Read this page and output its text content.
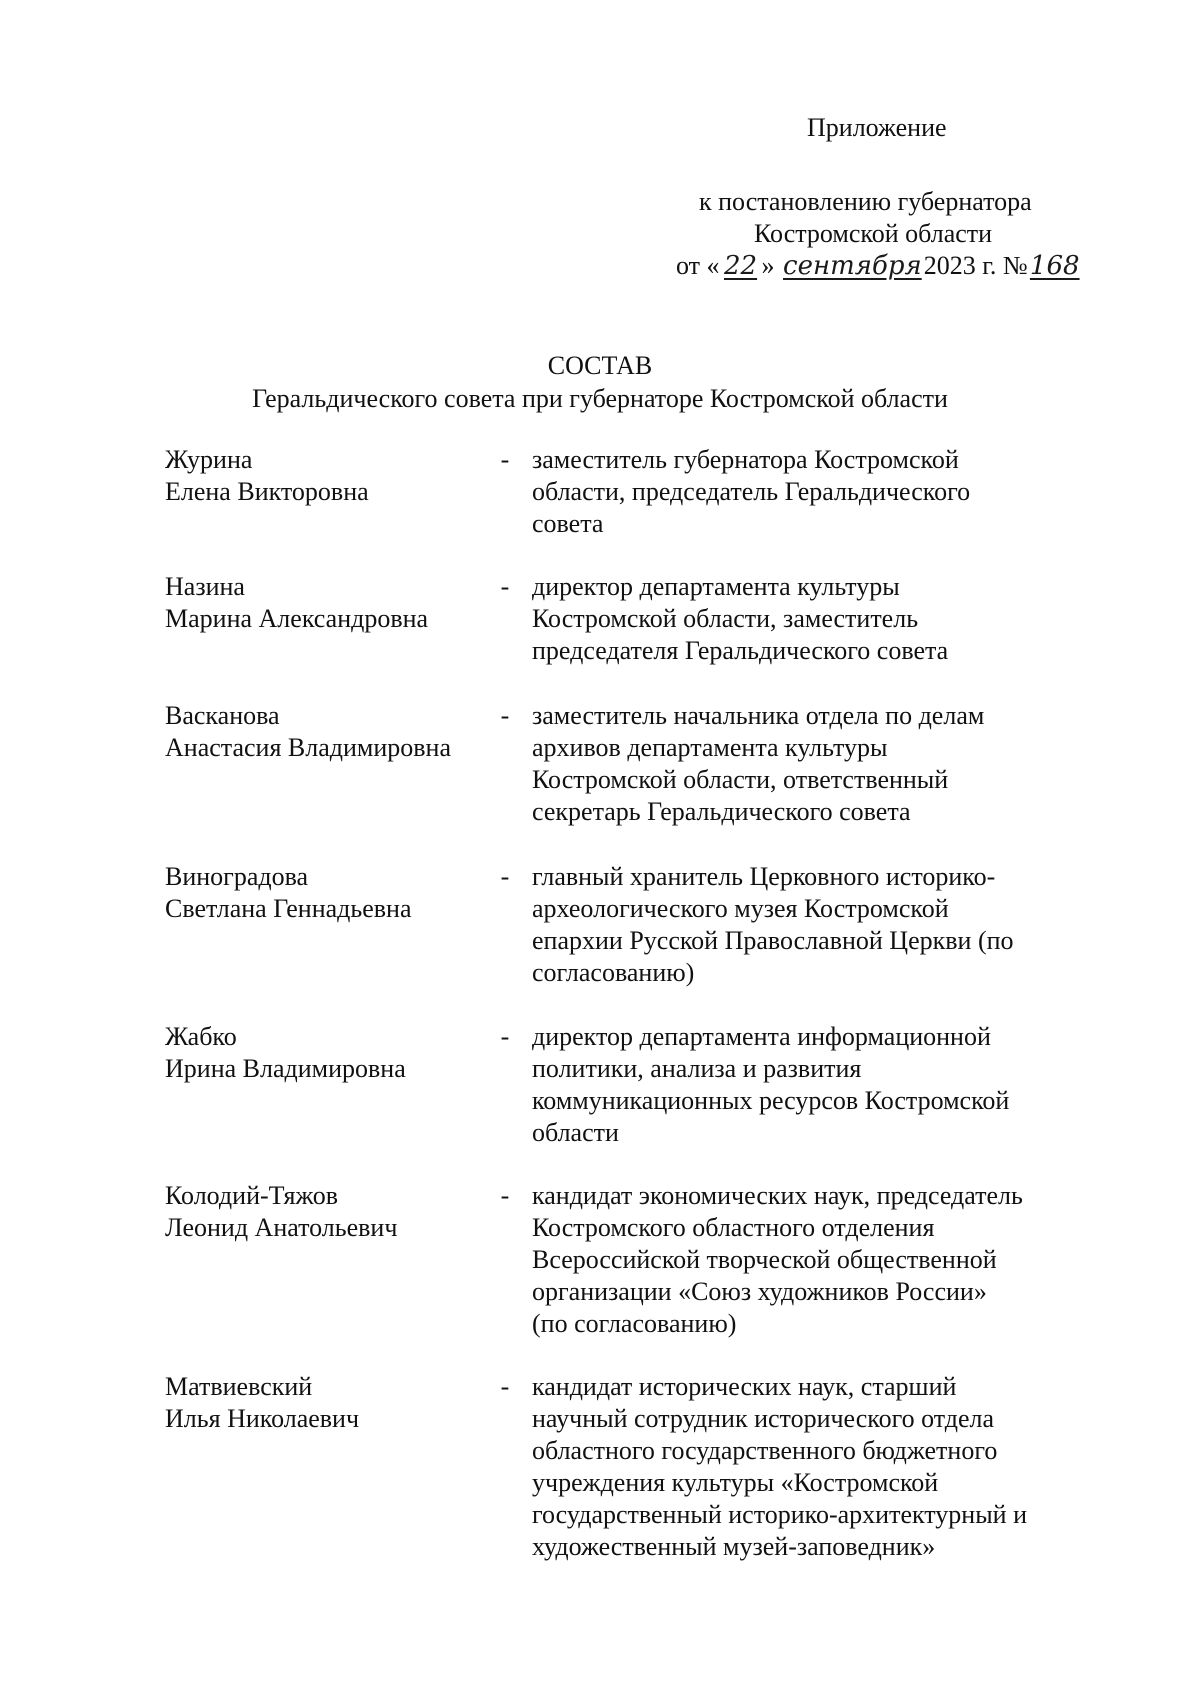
Приложение
к постановлению губернатора
Костромской области
от « 22 » сентября2023 г. №168
СОСТАВ
Геральдического совета при губернаторе Костромской области
Журина
Елена Викторовна
- заместитель губернатора Костромской
области, председатель Геральдического
совета
Назина
Марина Александровна
- директор департамента культуры
Костромской области, заместитель
председателя Геральдического совета
Васканова
Анастасия Владимировна
- заместитель начальника отдела по делам
архивов департамента культуры
Костромской области, ответственный
секретарь Геральдического совета
Виноградова
Светлана Геннадьевна
- главный хранитель Церковного историко-
археологического музея Костромской
епархии Русской Православной Церкви (по
согласованию)
Жабко
Ирина Владимировна
- директор департамента информационной
политики, анализа и развития
коммуникационных ресурсов Костромской
области
Колодий-Тяжов
Леонид Анатольевич
- кандидат экономических наук, председатель
Костромского областного отделения
Всероссийской творческой общественной
организации «Союз художников России»
(по согласованию)
Матвиевский
Илья Николаевич
- кандидат исторических наук, старший
научный сотрудник исторического отдела
областного государственного бюджетного
учреждения культуры «Костромской
государственный историко-архитектурный и
художественный музей-заповедник»
